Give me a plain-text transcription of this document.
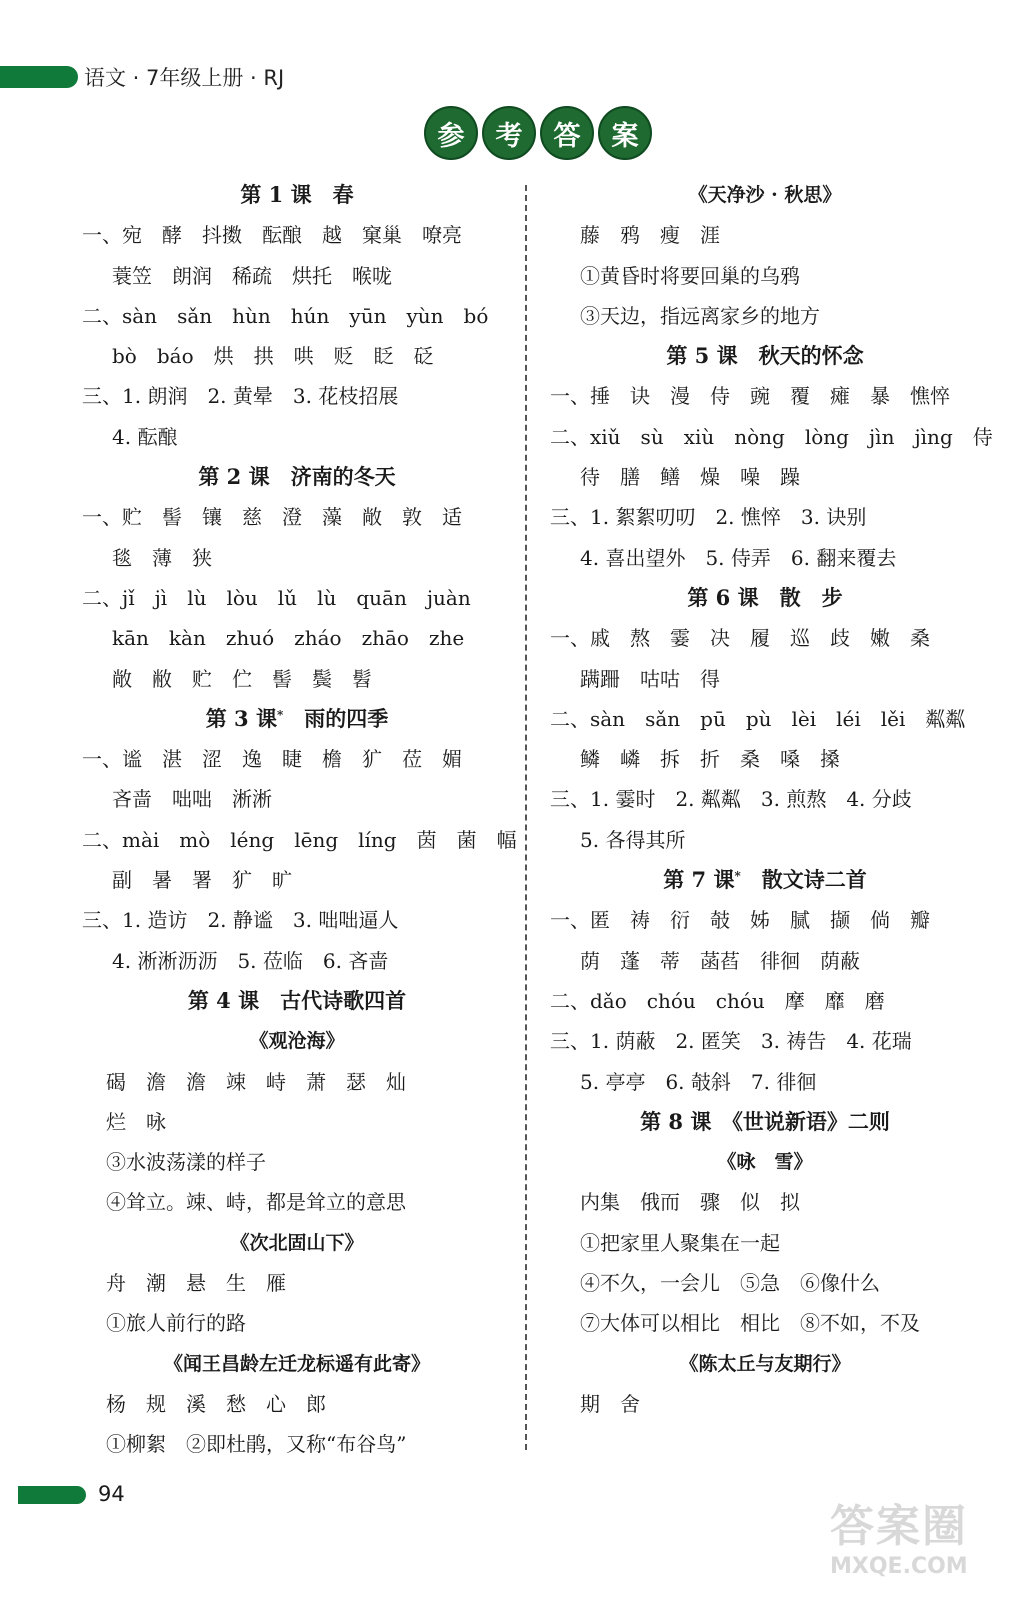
语文 · 7年级上册 · RJ
参	考	答	案
第 1 课　春
一、宛　酵　抖擞　酝酿　越　窠巢　嘹亮
蓑笠　朗润　稀疏　烘托　喉咙
二、sàn　sǎn　hùn　hún　yūn　yùn　bó
bò　báo　烘　拱　哄　贬　眨　砭
三、1. 朗润　2. 黄晕　3. 花枝招展
4. 酝酿
第 2 课　济南的冬天
一、贮　髻　镶　慈　澄　藻　敞　敦　适
毯　薄　狭
二、jǐ　jì　lù　lòu　lǔ　lù　quān　juàn
kān　kàn　zhuó　zháo　zhāo　zhe
敞　敝　贮　伫　髻　鬓　髫
第 3 课*　雨的四季
一、谧　湛　涩　逸　睫　檐　犷　莅　媚
吝啬　咄咄　淅淅
二、mài　mò　léng　lēng　líng　茵　菌　幅
副　暑　署　犷　旷
三、1. 造访　2. 静谧　3. 咄咄逼人
4. 淅淅沥沥　5. 莅临　6. 吝啬
第 4 课　古代诗歌四首
《观沧海》
碣　澹　澹　竦　峙　萧　瑟　灿
烂　咏
③水波荡漾的样子
④耸立。竦、峙，都是耸立的意思
《次北固山下》
舟　潮　悬　生　雁
①旅人前行的路
《闻王昌龄左迁龙标遥有此寄》
杨　规　溪　愁　心　郎
①柳絮　②即杜鹃，又称“布谷鸟”
《天净沙 · 秋思》
藤　鸦　瘦　涯
①黄昏时将要回巢的乌鸦
③天边，指远离家乡的地方
第 5 课　秋天的怀念
一、捶　诀　漫　侍　豌　覆　瘫　暴　憔悴
二、xiǔ　sù　xiù　nòng　lòng　jìn　jìng　侍
待　膳　鳝　燥　噪　躁
三、1. 絮絮叨叨　2. 憔悴　3. 诀别
4. 喜出望外　5. 侍弄　6. 翻来覆去
第 6 课　散　步
一、戚　熬　霎　决　履　巡　歧　嫩　桑
蹒跚　咕咕　得
二、sàn　sǎn　pū　pù　lèi　léi　lěi　粼粼
鳞　嶙　拆　折　桑　嗓　搡
三、1. 霎时　2. 粼粼　3. 煎熬　4. 分歧
5. 各得其所
第 7 课*　散文诗二首
一、匿　祷　衍　攲　姊　腻　撷　倘　瓣
荫　蓬　蒂　菡萏　徘徊　荫蔽
二、dǎo　chóu　chóu　摩　靡　磨
三、1. 荫蔽　2. 匿笑　3. 祷告　4. 花瑞
5. 亭亭　6. 攲斜　7. 徘徊
第 8 课　《世说新语》二则
《咏　雪》
内集　俄而　骤　似　拟
①把家里人聚集在一起
④不久，一会儿　⑤急　⑥像什么
⑦大体可以相比　相比　⑧不如，不及
《陈太丘与友期行》
期　舍
94
答案圈
MXQE.COM
